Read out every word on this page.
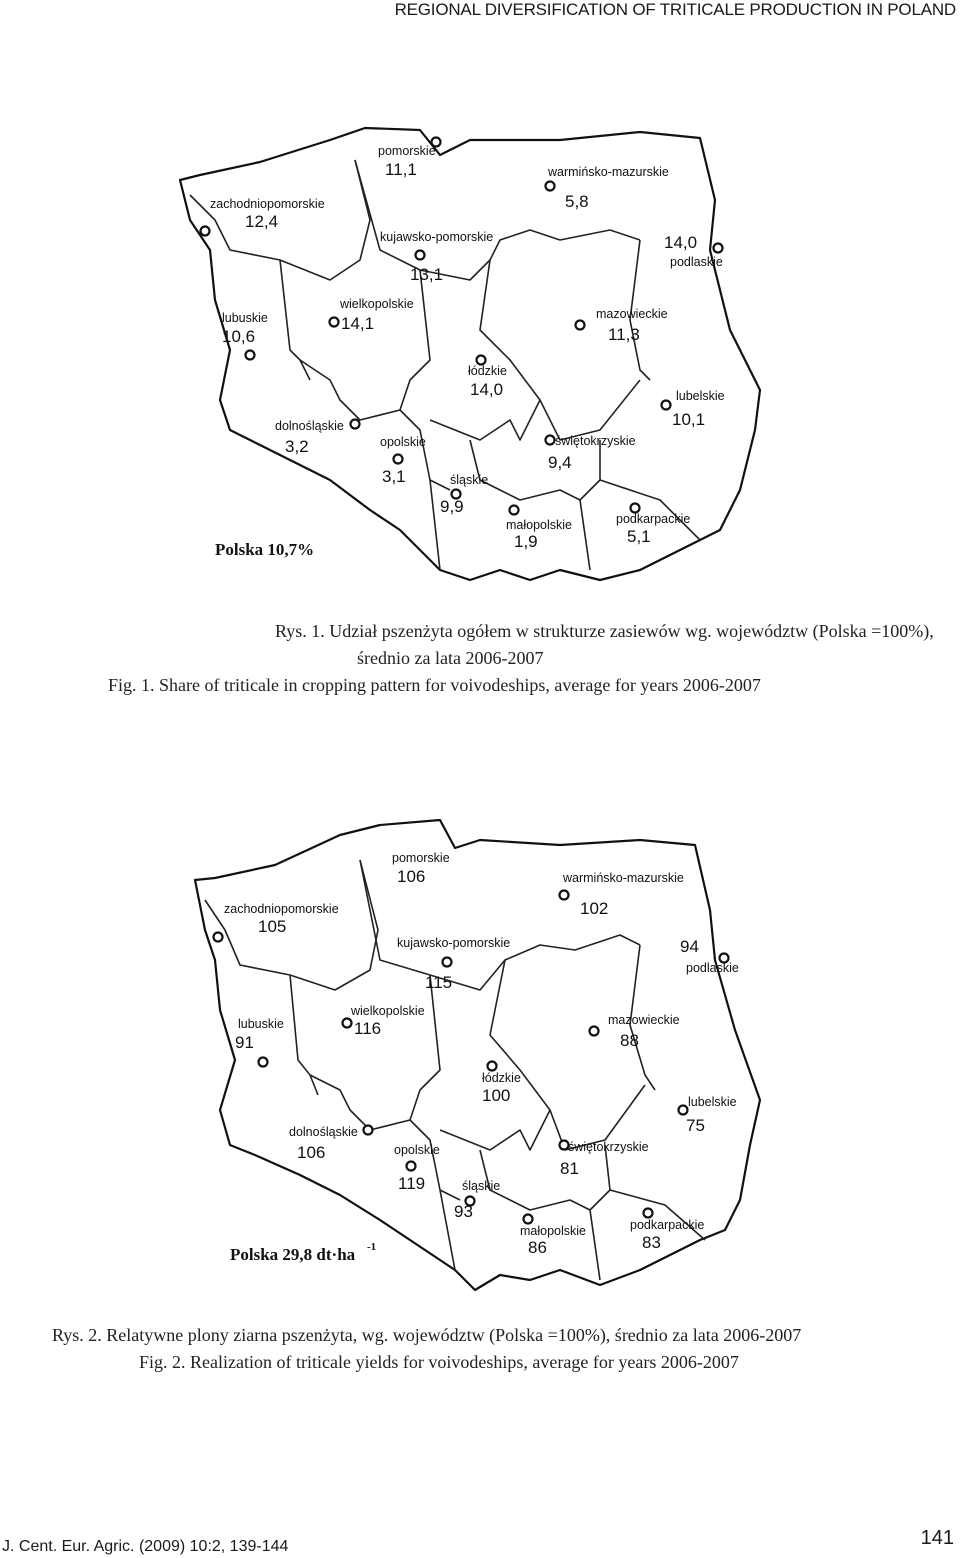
REGIONAL DIVERSIFICATION OF TRITICALE PRODUCTION IN POLAND
zachodniopomorskie
12,4
pomorskie
11,1	warmińsko-mazurskie
5,8
kujawsko-pomorskie
13,1
14,0
podlaskie
lubuskie
10,6
wielkopolskie
14,1	mazowieckie
11,3
łódzkie
14,0	lubelskie
10,1
dolnośląskie
3,2	opolskie
3,1
świętokrzyskie
9,4
śląskie
9,9
małopolskie
1,9
podkarpackie
5,1
Polska 10,7%
Rys. 1. Udział pszenżyta ogółem w strukturze zasiewów wg. województw (Polska =100%),
średnio za lata 2006-2007
Fig. 1. Share of triticale in cropping pattern for voivodeships, average for years 2006-2007
pomorskie
106	warmińsko-mazurskie
102
zachodniopomorskie
105
kujawsko-pomorskie
115
94
podlaskie
lubuskie
91
wielkopolskie
116	mazowieckie
88
łódzkie
100	lubelskie
75
dolnośląskie
106	opolskie
119
świętokrzyskie
81
śląskie
93
małopolskie
86
podkarpackie
83
Polska 29,8 dt·ha -1
Rys. 2. Relatywne plony ziarna pszenżyta, wg. województw (Polska =100%), średnio za lata 2006-2007
Fig. 2. Realization of triticale yields for voivodeships, average for years 2006-2007
J. Cent. Eur. Agric. (2009) 10:2, 139-144	141
